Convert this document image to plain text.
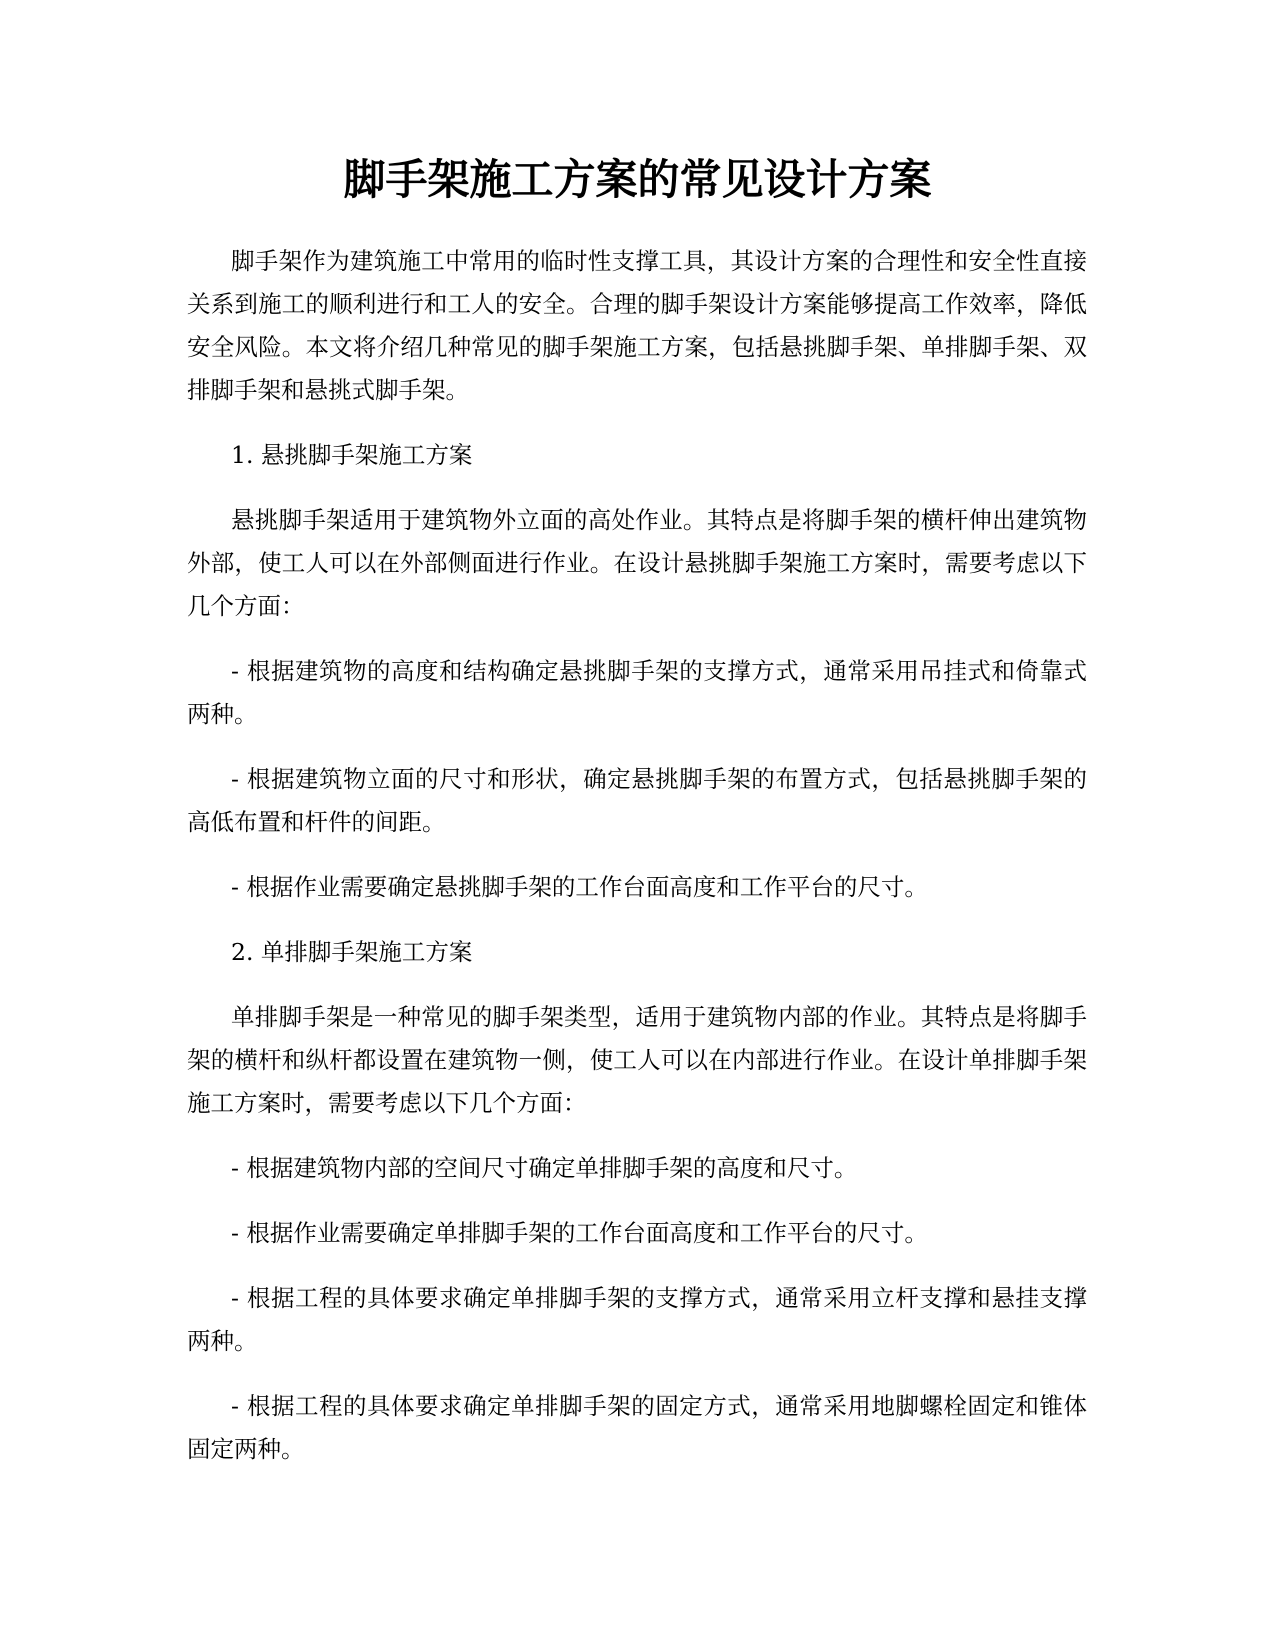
脚手架施工方案的常见设计方案

脚手架作为建筑施工中常用的临时性支撑工具，其设计方案的合理性和安全性直接关系到施工的顺利进行和工人的安全。合理的脚手架设计方案能够提高工作效率，降低安全风险。本文将介绍几种常见的脚手架施工方案，包括悬挑脚手架、单排脚手架、双排脚手架和悬挑式脚手架。

1. 悬挑脚手架施工方案

悬挑脚手架适用于建筑物外立面的高处作业。其特点是将脚手架的横杆伸出建筑物外部，使工人可以在外部侧面进行作业。在设计悬挑脚手架施工方案时，需要考虑以下几个方面：

- 根据建筑物的高度和结构确定悬挑脚手架的支撑方式，通常采用吊挂式和倚靠式两种。

- 根据建筑物立面的尺寸和形状，确定悬挑脚手架的布置方式，包括悬挑脚手架的高低布置和杆件的间距。

- 根据作业需要确定悬挑脚手架的工作台面高度和工作平台的尺寸。

2. 单排脚手架施工方案

单排脚手架是一种常见的脚手架类型，适用于建筑物内部的作业。其特点是将脚手架的横杆和纵杆都设置在建筑物一侧，使工人可以在内部进行作业。在设计单排脚手架施工方案时，需要考虑以下几个方面：

- 根据建筑物内部的空间尺寸确定单排脚手架的高度和尺寸。

- 根据作业需要确定单排脚手架的工作台面高度和工作平台的尺寸。

- 根据工程的具体要求确定单排脚手架的支撑方式，通常采用立杆支撑和悬挂支撑两种。

- 根据工程的具体要求确定单排脚手架的固定方式，通常采用地脚螺栓固定和锥体固定两种。
